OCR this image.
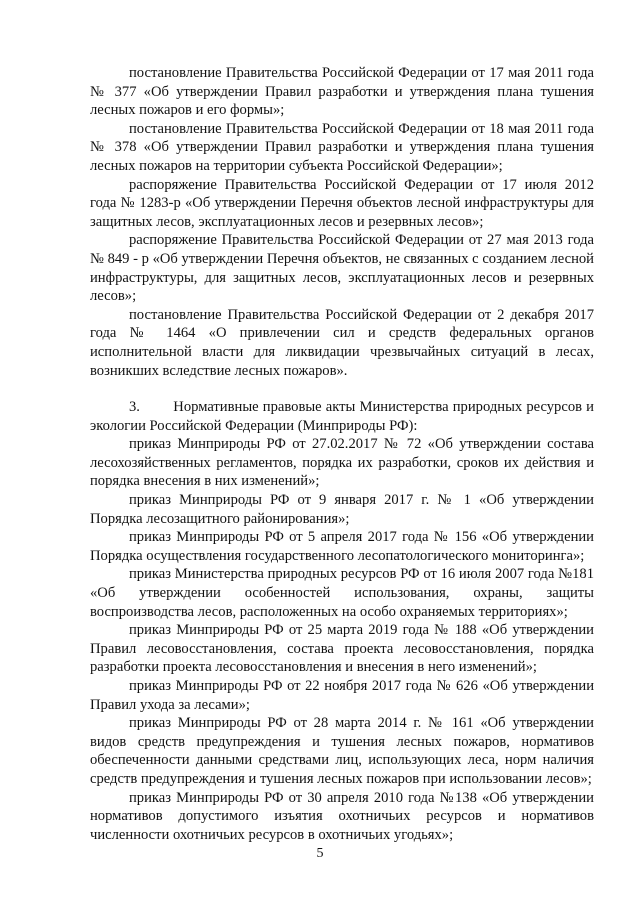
постановление Правительства Российской Федерации от 17 мая 2011 года № 377 «Об утверждении Правил разработки и утверждения плана тушения лесных пожаров и его формы»;

постановление Правительства Российской Федерации от 18 мая 2011 года № 378 «Об утверждении Правил разработки и утверждения плана тушения лесных пожаров на территории субъекта Российской Федерации»;

распоряжение Правительства Российской Федерации от 17 июля 2012 года № 1283-р «Об утверждении Перечня объектов лесной инфраструктуры для защитных лесов, эксплуатационных лесов и резервных лесов»;

распоряжение Правительства Российской Федерации от 27 мая 2013 года № 849 - р «Об утверждении Перечня объектов, не связанных с созданием лесной инфраструктуры, для защитных лесов, эксплуатационных лесов и резервных лесов»;

постановление Правительства Российской Федерации от 2 декабря 2017 года № 1464 «О привлечении сил и средств федеральных органов исполнительной власти для ликвидации чрезвычайных ситуаций в лесах, возникших вследствие лесных пожаров».

3.        Нормативные правовые акты Министерства природных ресурсов и экологии Российской Федерации (Минприроды РФ):

приказ Минприроды РФ от 27.02.2017 № 72 «Об утверждении состава лесохозяйственных регламентов, порядка их разработки, сроков их действия и порядка внесения в них изменений»;

приказ Минприроды РФ от 9 января 2017 г. № 1 «Об утверждении Порядка лесозащитного районирования»;

приказ Минприроды РФ от 5 апреля 2017 года № 156 «Об утверждении Порядка осуществления государственного лесопатологического мониторинга»;

приказ Министерства природных ресурсов РФ от 16 июля 2007 года №181 «Об утверждении особенностей использования, охраны, защиты воспроизводства лесов, расположенных на особо охраняемых территориях»;

приказ Минприроды РФ от 25 марта 2019 года № 188 «Об утверждении Правил лесовосстановления, состава проекта лесовосстановления, порядка разработки проекта лесовосстановления и внесения в него изменений»;

приказ Минприроды РФ от 22 ноября 2017 года № 626 «Об утверждении Правил ухода за лесами»;

приказ Минприроды РФ от 28 марта 2014 г. № 161 «Об утверждении видов средств предупреждения и тушения лесных пожаров, нормативов обеспеченности данными средствами лиц, использующих леса, норм наличия средств предупреждения и тушения лесных пожаров при использовании лесов»;

приказ Минприроды РФ от 30 апреля 2010 года №138 «Об утверждении нормативов допустимого изъятия охотничьих ресурсов и нормативов численности охотничьих ресурсов в охотничьих угодьях»;

5
